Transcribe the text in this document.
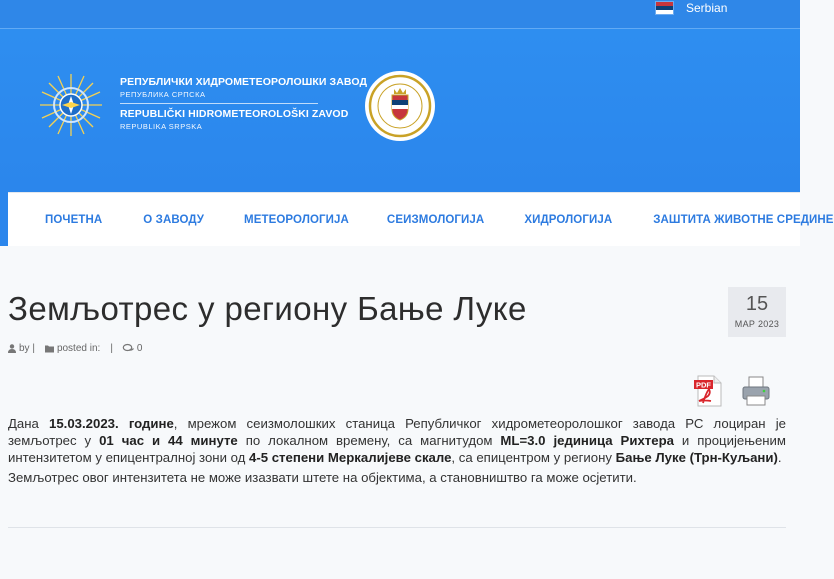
Serbian
РЕПУБЛИЧКИ ХИДРОМЕТЕОРОЛОШКИ ЗАВОД
РЕПУБЛИКА СРПСКА
REPUBLIČKI HIDROMETEOROLOŠKI ZAVOD
REPUBLIKA SRPSKA
ПОЧЕТНА	О ЗАВОДУ	МЕТЕОРОЛОГИЈА	СЕИЗМОЛОГИЈА	ХИДРОЛОГИЈА	ЗАШТИТА ЖИВОТНЕ СРЕДИНЕ
Земљотрес у региону Бање Луке	15
МАР 2023
by | posted in: | 0
PDF

Дана 15.03.2023. године, мрежом сеизмолошких станица Републичког хидрометеоролошког завода РС лоциран је земљотрес у 01 час и 44 минуте по локалном времену, са магнитудом ML=3.0 јединица Рихтера и процијењеним интензитетом у епицентралној зони од 4-5 степени Меркалијеве скале, са епицентром у региону Бање Луке (Трн-Куљани).

Земљотрес овог интензитета не може изазвати штете на објектима, а становништво га може осјетити.
